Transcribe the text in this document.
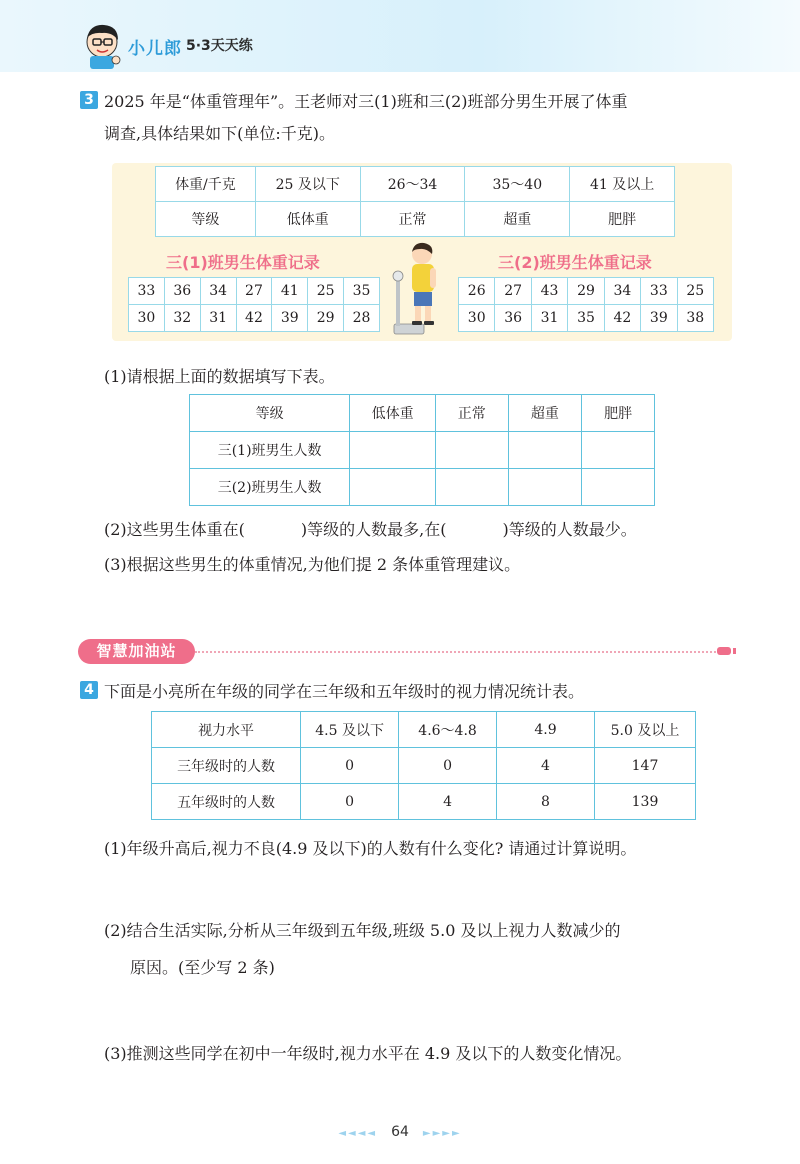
小儿郎 5·3天天练
3 2025 年是“体重管理年”。王老师对三(1)班和三(2)班部分男生开展了体重
调查,具体结果如下(单位:千克)。
体重/千克	25 及以下	26～34	35～40	41 及以上
等级	低体重	正常	超重	肥胖
三(1)班男生体重记录
33	36	34	27	41	25	35
30	32	31	42	39	29	28
三(2)班男生体重记录
26	27	43	29	34	33	25
30	36	31	35	42	39	38
(1)请根据上面的数据填写下表。
等级	低体重	正常	超重	肥胖
三(1)班男生人数				
三(2)班男生人数				
(2)这些男生体重在(	)等级的人数最多,在(	)等级的人数最少。
(3)根据这些男生的体重情况,为他们提 2 条体重管理建议。
智慧加油站
4 下面是小亮所在年级的同学在三年级和五年级时的视力情况统计表。
视力水平	4.5 及以下	4.6～4.8	4.9	5.0 及以上
三年级时的人数	0	0	4	147
五年级时的人数	0	4	8	139
(1)年级升高后,视力不良(4.9 及以下)的人数有什么变化? 请通过计算说明。
(2)结合生活实际,分析从三年级到五年级,班级 5.0 及以上视力人数减少的
原因。(至少写 2 条)
(3)推测这些同学在初中一年级时,视力水平在 4.9 及以下的人数变化情况。
◄◄◄◄ 64 ►►►►
